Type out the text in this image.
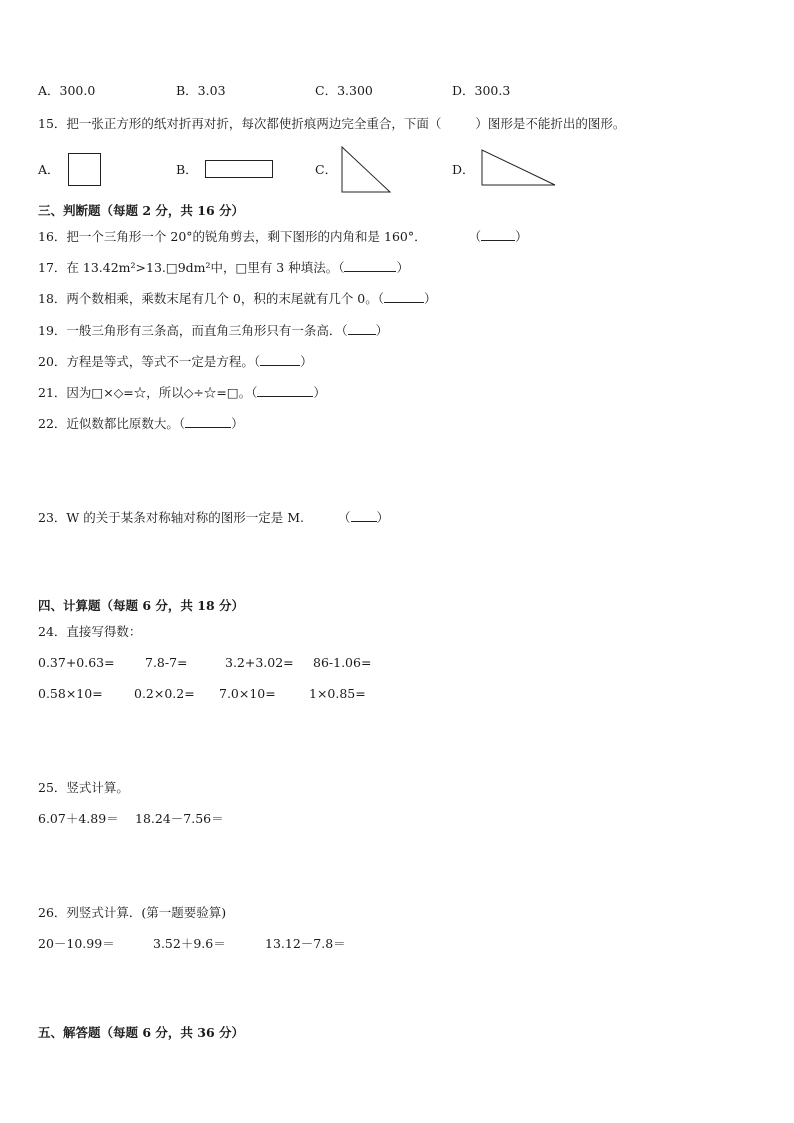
A．300.0	B．3.03	C．3.300	D．300.3
15．把一张正方形的纸对折再对折，每次都使折痕两边完全重合，下面（	）图形是不能折出的图形。
A．	B．	C．	D．
三、判断题（每题 2 分，共 16 分）
16．把一个三角形一个 20°的锐角剪去，剩下图形的内角和是 160°．	（	）
17．在 13.42m²>13.□9dm²中，□里有 3 种填法。（	）
18．两个数相乘，乘数末尾有几个 0，积的末尾就有几个 0。（	）
19．一般三角形有三条高，而直角三角形只有一条高．（ ）
20．方程是等式，等式不一定是方程。（	）
21．因为□×◇=☆，所以◇÷☆=□。（	）
22．近似数都比原数大。（	）
23．W 的关于某条对称轴对称的图形一定是 M.	（ ）
四、计算题（每题 6 分，共 18 分）
24．直接写得数：
0.37+0.63= 7.8-7=	3.2+3.02= 86-1.06=
0.58×10=	0.2×0.2= 7.0×10=	1×0.85=
25．竖式计算。
6.07＋4.89＝ 18.24－7.56＝
26．列竖式计算．(第一题要验算)
20－10.99＝	3.52＋9.6＝	13.12－7.8＝
五、解答题（每题 6 分，共 36 分）
